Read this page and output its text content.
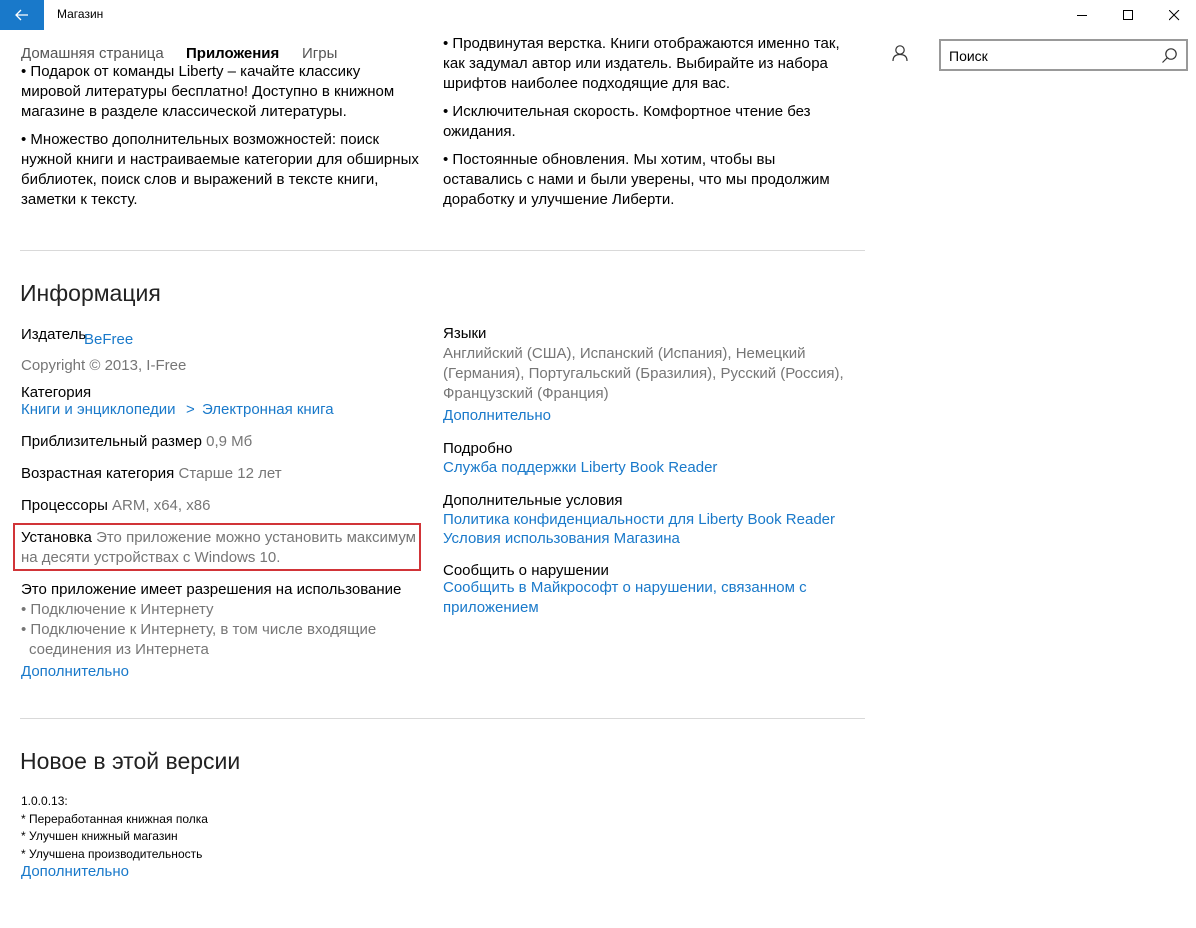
Магазин
• Подарок от команды Liberty – качайте классику
мировой литературы бесплатно! Доступно в книжном магазине в разделе классической литературы.
• Множество дополнительных возможностей: поиск нужной книги и настраиваемые категории для обширных библиотек, поиск слов и выражений в тексте книги, заметки к тексту.
• Продвинутая верстка. Книги отображаются именно так,
как задумал автор или издатель. Выбирайте из набора
шрифтов наиболее подходящие для вас.
• Исключительная скорость. Комфортное чтение без ожидания.
• Постоянные обновления. Мы хотим, чтобы вы оставались с нами и были уверены, что мы продолжим доработку и улучшение Либерти.
Домашняя страница	Приложения	Игры
Поиск
Информация
Издатель
BeFree
Copyright © 2013, I-Free
Категория
Книги и энциклопедии > Электронная книга
Приблизительный размер 0,9 Мб
Возрастная категория Старше 12 лет
Процессоры ARM, x64, x86
Установка Это приложение можно установить максимум
на десяти устройствах с Windows 10.
Это приложение имеет разрешения на использование
• Подключение к Интернету
• Подключение к Интернету, в том числе входящие
соединения из Интернета
Дополнительно
Языки
Английский (США), Испанский (Испания), Немецкий
(Германия), Португальский (Бразилия), Русский (Россия),
Французский (Франция)
Дополнительно
Подробно
Служба поддержки Liberty Book Reader
Дополнительные условия
Политика конфиденциальности для Liberty Book Reader
Условия использования Магазина
Сообщить о нарушении
Сообщить в Майкрософт о нарушении, связанном с
приложением
Новое в этой версии
1.0.0.13:
* Переработанная книжная полка
* Улучшен книжный магазин
* Улучшена производительность
Дополнительно
